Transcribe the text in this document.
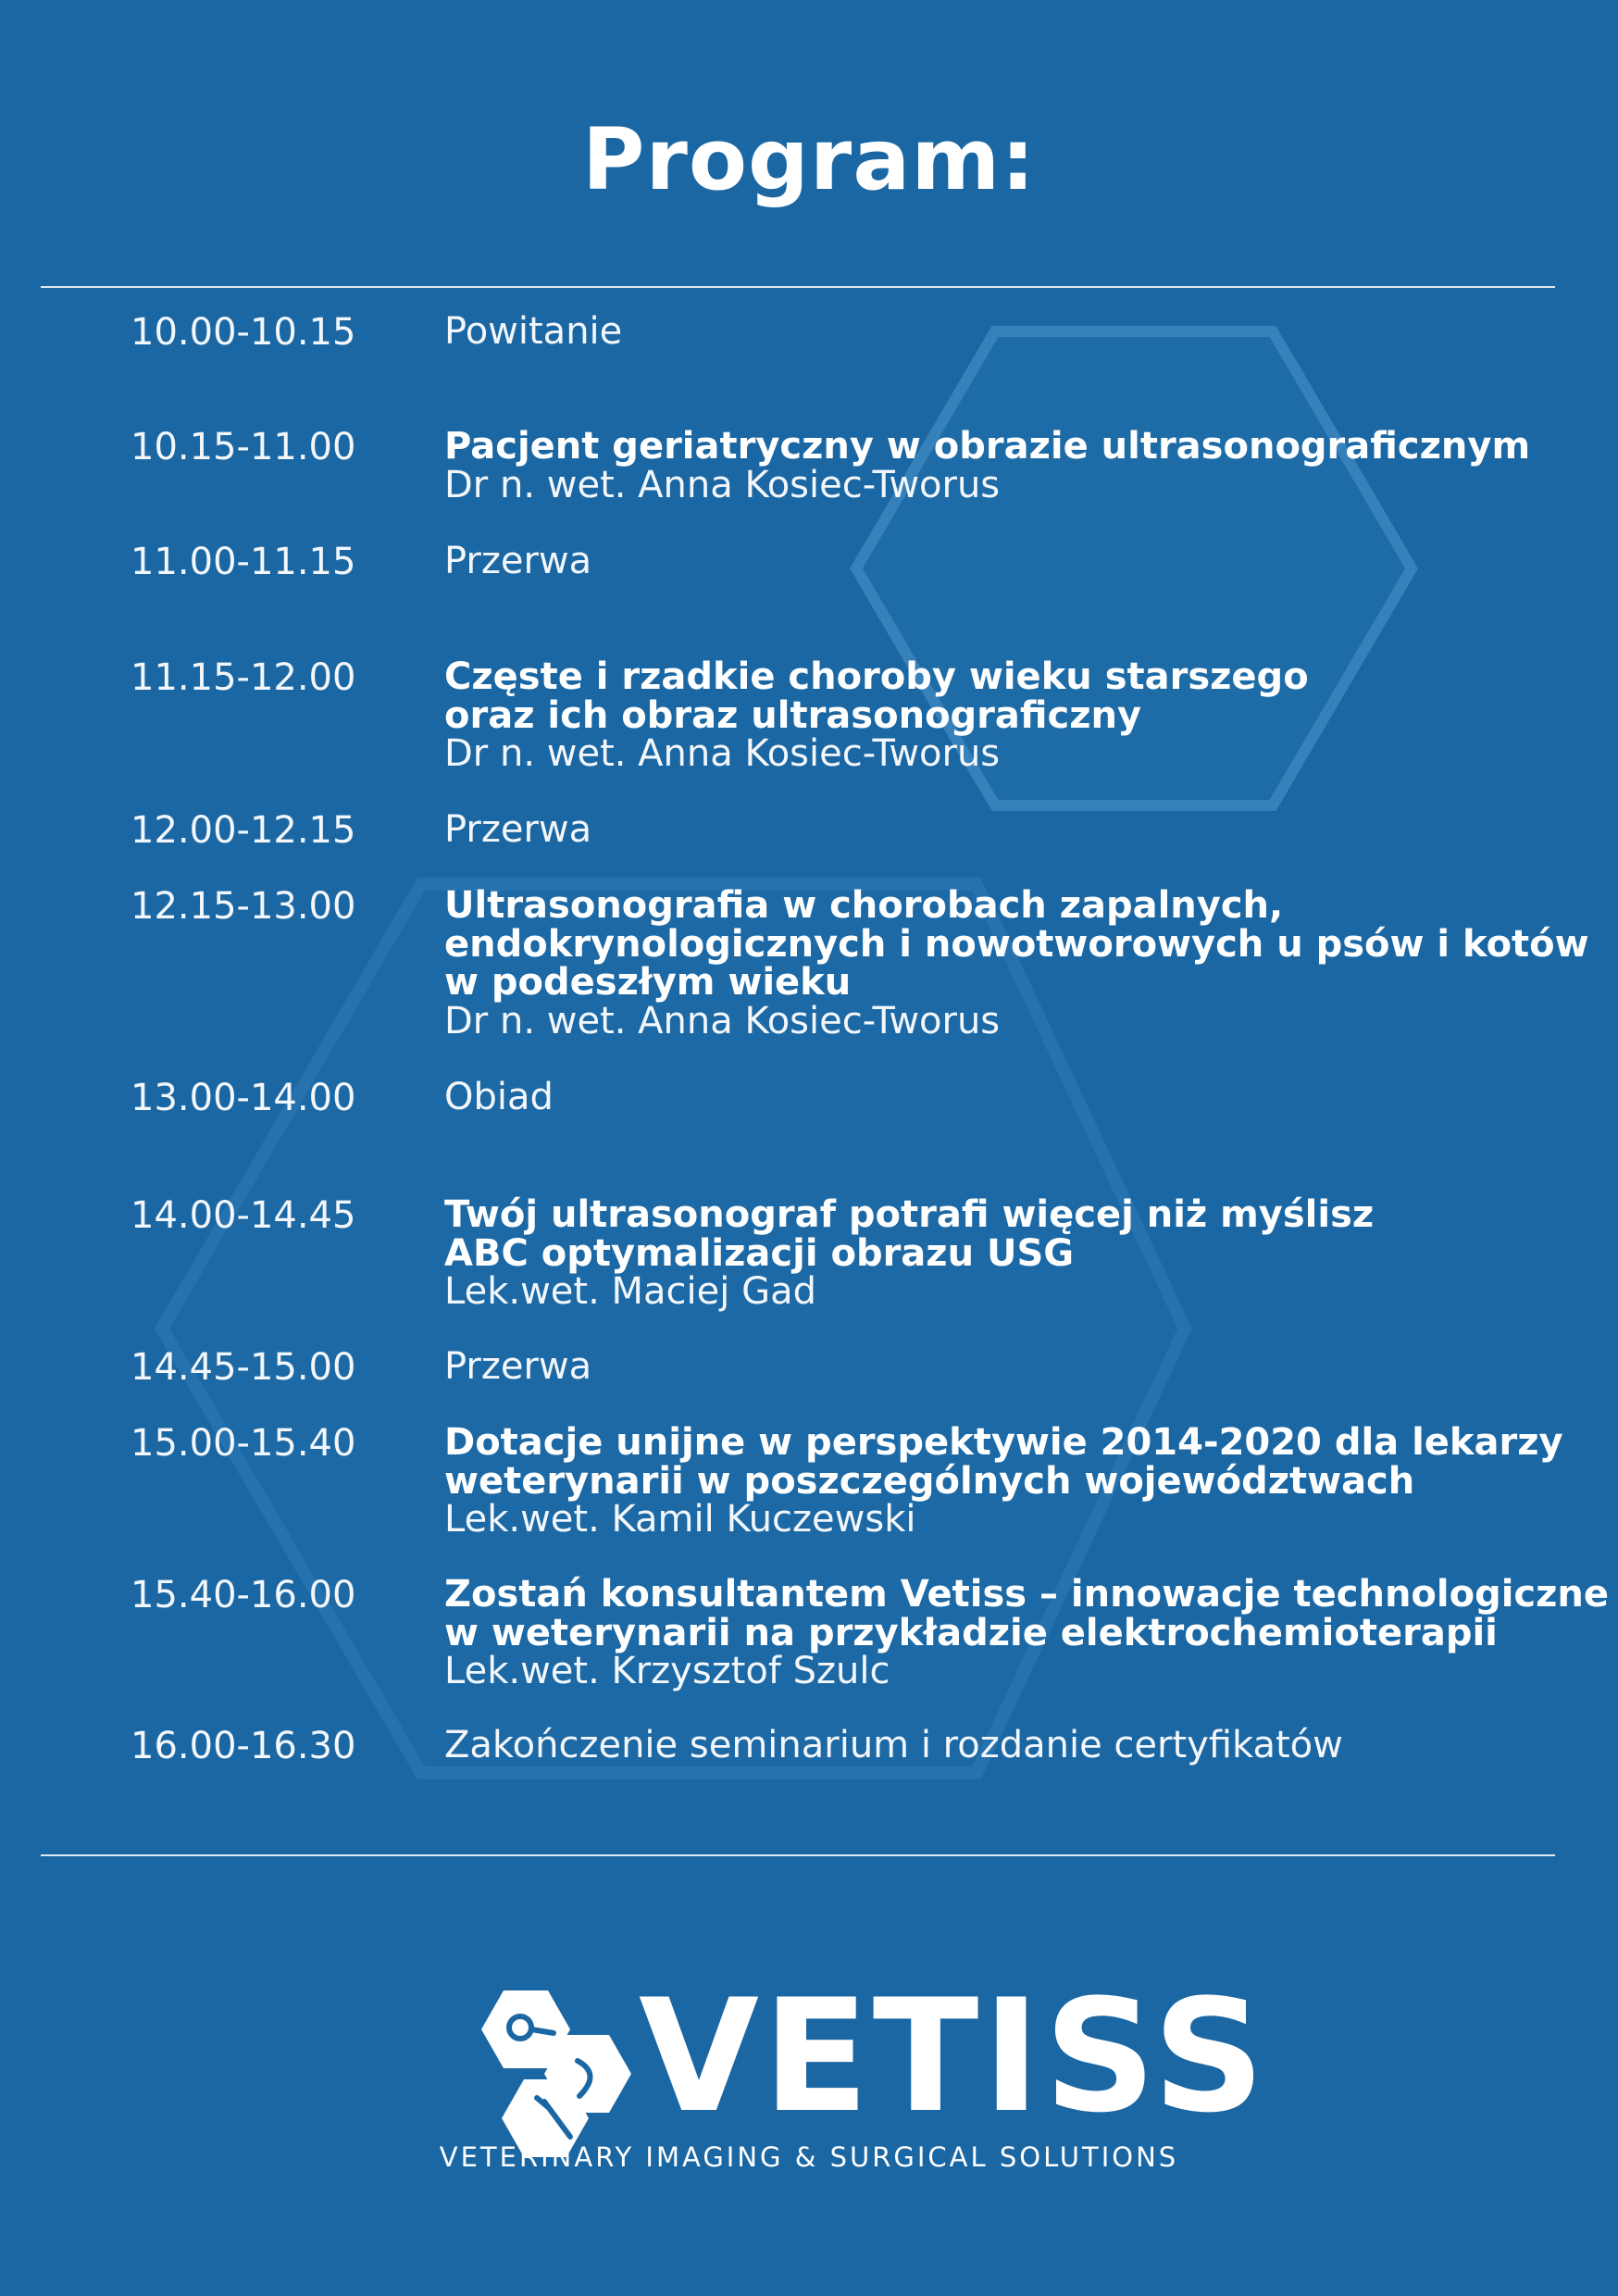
Program:
10.00-10.15	Powitanie
10.15-11.00	Pacjent geriatryczny w obrazie ultrasonograficznym
Dr n. wet. Anna Kosiec-Tworus
11.00-11.15	Przerwa
11.15-12.00	Częste i rzadkie choroby wieku starszego
oraz ich obraz ultrasonograficzny
Dr n. wet. Anna Kosiec-Tworus
12.00-12.15	Przerwa
12.15-13.00	Ultrasonografia w chorobach zapalnych,
endokrynologicznych i nowotworowych u psów i kotów
w podeszłym wieku
Dr n. wet. Anna Kosiec-Tworus
13.00-14.00	Obiad
14.00-14.45	Twój ultrasonograf potrafi więcej niż myślisz
ABC optymalizacji obrazu USG
Lek.wet. Maciej Gad
14.45-15.00	Przerwa
15.00-15.40	Dotacje unijne w perspektywie 2014-2020 dla lekarzy
weterynarii w poszczególnych województwach
Lek.wet. Kamil Kuczewski
15.40-16.00	Zostań konsultantem Vetiss – innowacje technologiczne
w weterynarii na przykładzie elektrochemioterapii
Lek.wet. Krzysztof Szulc
16.00-16.30	Zakończenie seminarium i rozdanie certyfikatów
VETISS
VETERINARY IMAGING & SURGICAL SOLUTIONS
